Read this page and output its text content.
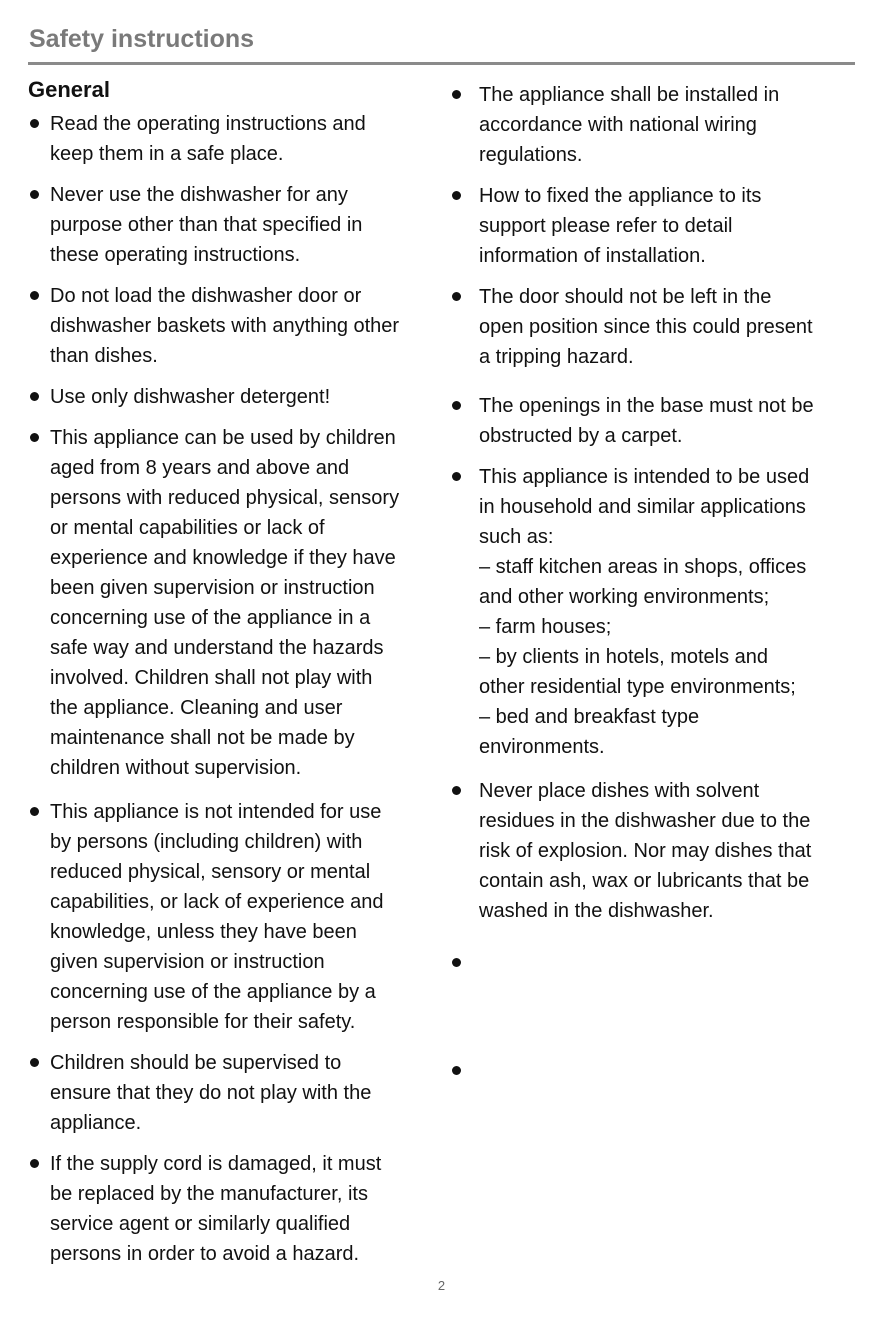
Safety instructions
General
Read the operating instructions and
keep them in a safe place.
Never use the dishwasher for any
purpose other than that specified in
these operating instructions.
Do not load the dishwasher door or
dishwasher baskets with anything other
than dishes.
Use only dishwasher detergent!
This appliance can be used by children
aged from 8 years and above and
persons with reduced physical, sensory
or mental capabilities or lack of
experience and knowledge if they have
been given supervision or instruction
concerning use of the appliance in a
safe way and understand the hazards
involved. Children shall not play with
the appliance. Cleaning and user
maintenance shall not be made by
children without supervision.
This appliance is not intended for use
by persons (including children) with
reduced physical, sensory or mental
capabilities, or lack of experience and
knowledge, unless they have been
given supervision or instruction
concerning use of the appliance by a
person responsible for their safety.
Children should be supervised to
ensure that they do not play with the
appliance.
If the supply cord is damaged, it must
be replaced by the manufacturer, its
service agent or similarly qualified
persons in order to avoid a hazard.
The appliance shall be installed in
accordance with national wiring
regulations.
How to fixed the appliance to its
support please refer to detail
information of installation.
The door should not be left in the
open position since this could present
a tripping hazard.
The openings in the base must not be
obstructed by a carpet.
This appliance is intended to be used
in household and similar applications
such as:
– staff kitchen areas in shops, offices
and other working environments;
– farm houses;
– by clients in hotels, motels and
other residential type environments;
– bed and breakfast type
environments.
Never place dishes with solvent
residues in the dishwasher due to the
risk of explosion. Nor may dishes that
contain ash, wax or lubricants that be
washed in the dishwasher.
2
